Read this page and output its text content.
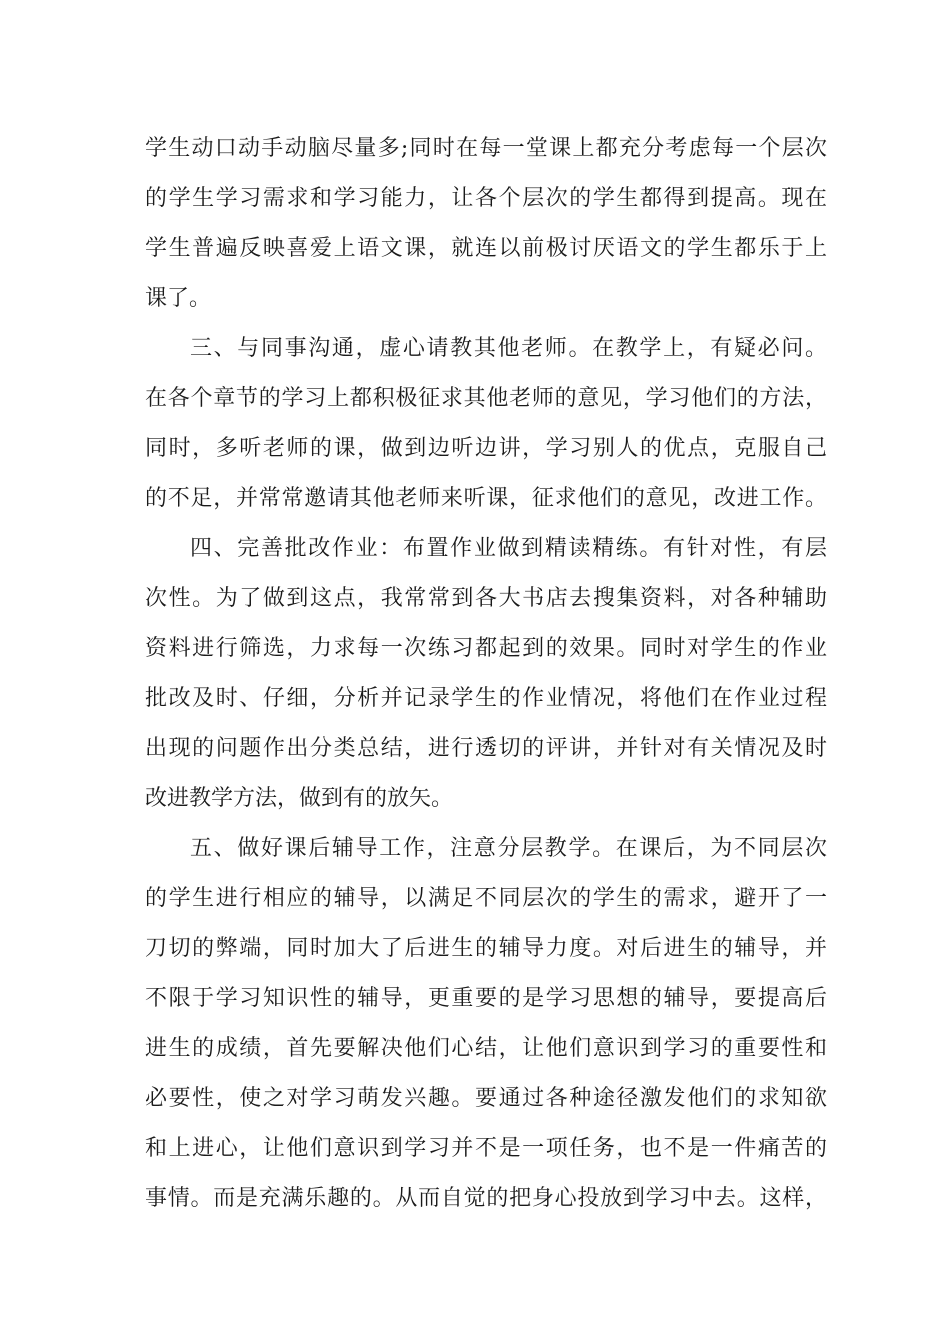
学生动口动手动脑尽量多;同时在每一堂课上都充分考虑每一个层次
的学生学习需求和学习能力，让各个层次的学生都得到提高。现在
学生普遍反映喜爱上语文课，就连以前极讨厌语文的学生都乐于上
课了。
三、与同事沟通，虚心请教其他老师。在教学上，有疑必问。
在各个章节的学习上都积极征求其他老师的意见，学习他们的方法，
同时，多听老师的课，做到边听边讲，学习别人的优点，克服自己
的不足，并常常邀请其他老师来听课，征求他们的意见，改进工作。
四、完善批改作业：布置作业做到精读精练。有针对性，有层
次性。为了做到这点，我常常到各大书店去搜集资料，对各种辅助
资料进行筛选，力求每一次练习都起到的效果。同时对学生的作业
批改及时、仔细，分析并记录学生的作业情况，将他们在作业过程
出现的问题作出分类总结，进行透切的评讲，并针对有关情况及时
改进教学方法，做到有的放矢。
五、做好课后辅导工作，注意分层教学。在课后，为不同层次
的学生进行相应的辅导，以满足不同层次的学生的需求，避开了一
刀切的弊端，同时加大了后进生的辅导力度。对后进生的辅导，并
不限于学习知识性的辅导，更重要的是学习思想的辅导，要提高后
进生的成绩，首先要解决他们心结，让他们意识到学习的重要性和
必要性，使之对学习萌发兴趣。要通过各种途径激发他们的求知欲
和上进心，让他们意识到学习并不是一项任务，也不是一件痛苦的
事情。而是充满乐趣的。从而自觉的把身心投放到学习中去。这样，
